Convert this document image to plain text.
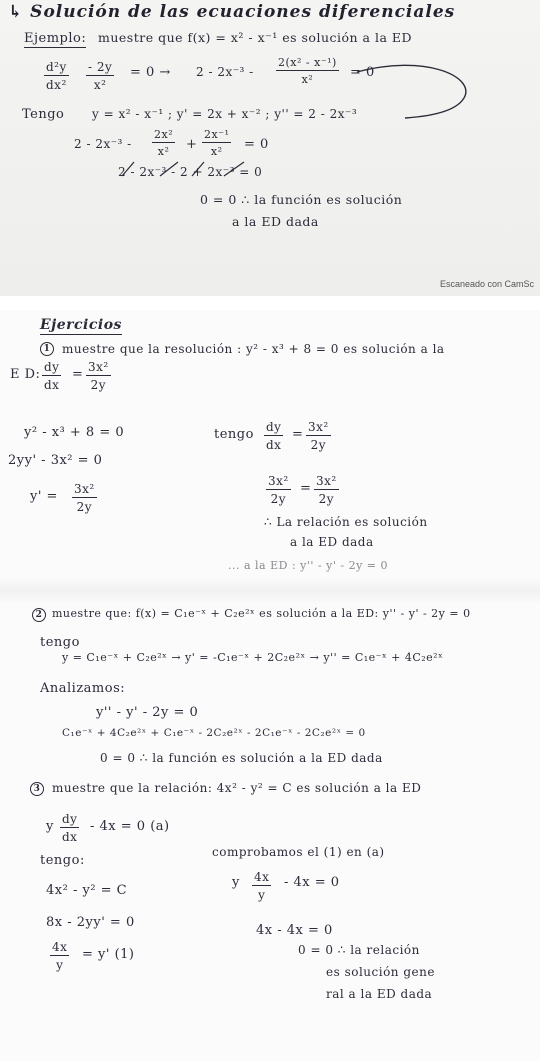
↳ Solución de las ecuaciones diferenciales
Ejemplo: muestre que f(x) = x² - x⁻¹ es solución a la ED
$\frac{\text{d²y}}{\text{dx²}} \frac{- 2y}{\text{x²}} = 0 \to 2 - 2x^{-3} - \frac{\text{2(x² - x⁻¹)}}{\text{x²}} = 0$
Tengo y = x² - x⁻¹ ; y' = 2x + x⁻² ; y'' = 2 - 2x⁻³
$2 - 2x^{-3} - \frac{\text{2x²}}{\text{x²}} + \frac{\text{2x⁻¹}}{\text{x²}} = 0$
2 - 2x⁻³ - 2 + 2x⁻³ = 0
0 = 0 ∴ la función es solución
a la ED dada
Escaneado con CamSc
Ejercicios
1 muestre que la resolución : y² - x³ + 8 = 0 es solución a la
E D: $\frac{dy}{dx} = \frac{\text{3x²}}{2y}$
y² - x³ + 8 = 0
2yy' - 3x² = 0
$y' = \frac{\text{3x²}}{2y}$
tengo $\frac{dy}{dx} = \frac{\text{3x²}}{2y}$
$\frac{\text{3x²}}{2y} = \frac{\text{3x²}}{2y}$
∴ La relación es solución
a la ED dada
... a la ED : y'' - y' - 2y = 0
2 muestre que: f(x) = C₁e⁻ˣ + C₂e²ˣ es solución a la ED: y'' - y' - 2y = 0
tengo
y = C₁e⁻ˣ + C₂e²ˣ → y' = -C₁e⁻ˣ + 2C₂e²ˣ → y'' = C₁e⁻ˣ + 4C₂e²ˣ
Analizamos:
y'' - y' - 2y = 0
C₁e⁻ˣ + 4C₂e²ˣ + C₁e⁻ˣ - 2C₂e²ˣ - 2C₁e⁻ˣ - 2C₂e²ˣ = 0
0 = 0 ∴ la función es solución a la ED dada
3 muestre que la relación: 4x² - y² = C es solución a la ED
y $\frac{dy}{dx} - 4x = 0$ (a)
tengo:
comprobamos el (1) en (a)
4x² - y² = C
8x - 2yy' = 0
$\frac{4x}{y} = y'$ (1)
y $\frac{4x}{y} - 4x = 0$
4x - 4x = 0
0 = 0 ∴ la relación
es solución gene
ral a la ED dada
